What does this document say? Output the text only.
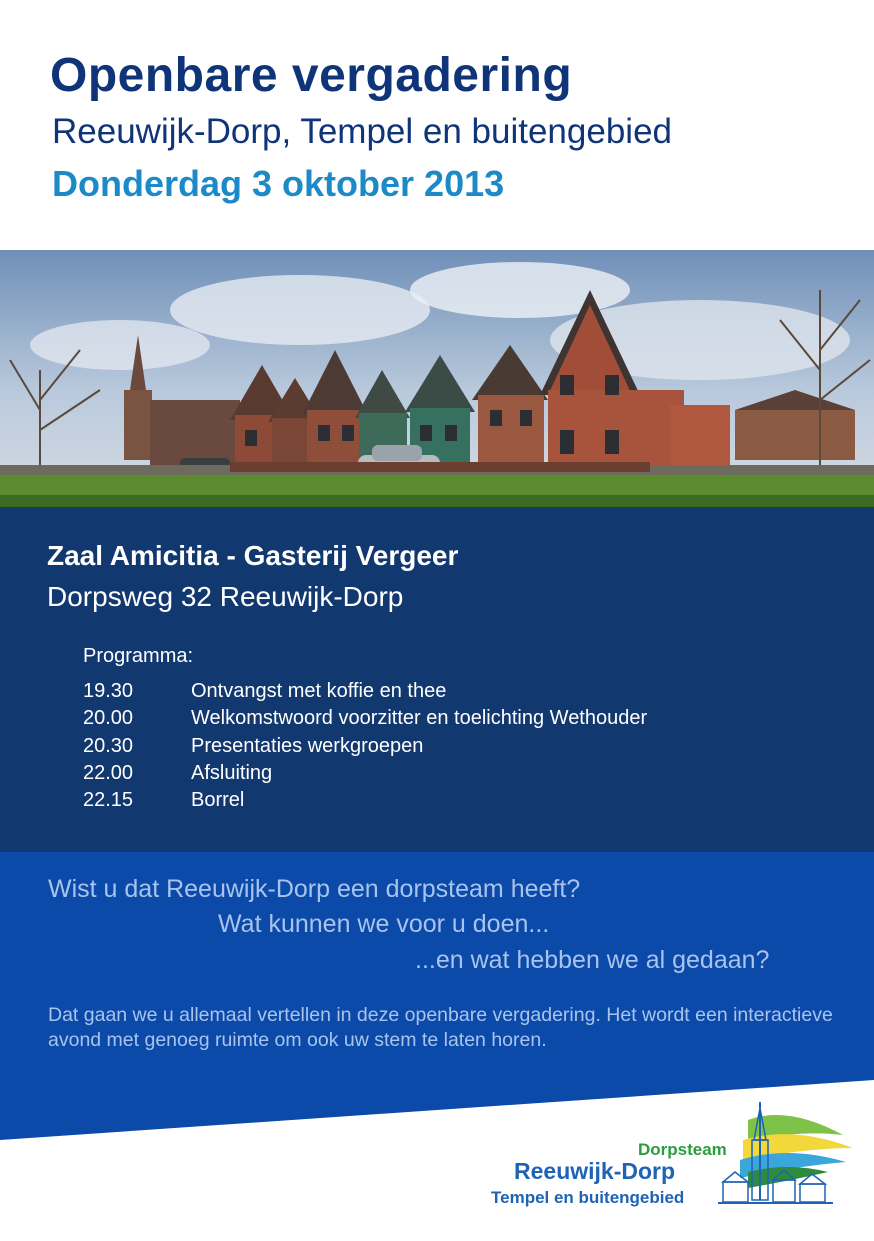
Openbare vergadering
Reeuwijk-Dorp, Tempel en buitengebied
Donderdag 3 oktober 2013
Zaal Amicitia - Gasterij Vergeer
Dorpsweg 32 Reeuwijk-Dorp
Programma:
19.30	Ontvangst met koffie en thee
20.00	Welkomstwoord voorzitter en toelichting Wethouder
20.30	Presentaties werkgroepen
22.00	Afsluiting
22.15	Borrel
Wist u dat Reeuwijk-Dorp een dorpsteam heeft?
Wat kunnen we voor u doen...
...en wat hebben we al gedaan?
Dat gaan we u allemaal vertellen in deze openbare vergadering. Het wordt een interactieve avond met genoeg ruimte om ook uw stem te laten horen.
Dorpsteam
Reeuwijk-Dorp
Tempel en buitengebied
